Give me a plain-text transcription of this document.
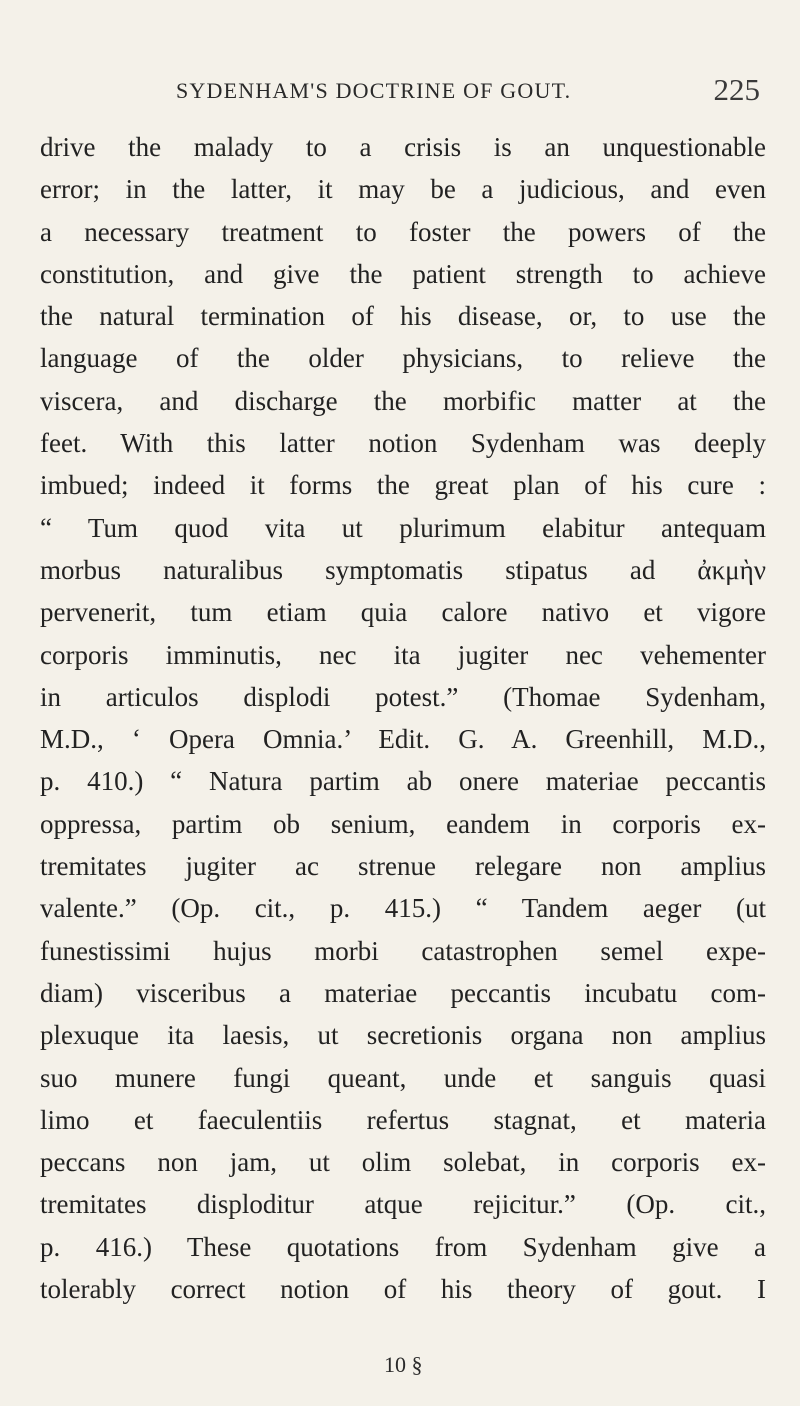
SYDENHAM'S DOCTRINE OF GOUT.	225
drive the malady to a crisis is an unquestionable
error; in the latter, it may be a judicious, and even
a necessary treatment to foster the powers of the
constitution, and give the patient strength to achieve
the natural termination of his disease, or, to use the
language of the older physicians, to relieve the
viscera, and discharge the morbific matter at the
feet. With this latter notion Sydenham was deeply
imbued; indeed it forms the great plan of his cure :
“ Tum quod vita ut plurimum elabitur antequam
morbus naturalibus symptomatis stipatus ad ἀκμὴν
pervenerit, tum etiam quia calore nativo et vigore
corporis imminutis, nec ita jugiter nec vehementer
in articulos displodi potest.” (Thomae Sydenham,
M.D., ‘ Opera Omnia.’ Edit. G. A. Greenhill, M.D.,
p. 410.) “ Natura partim ab onere materiae peccantis
oppressa, partim ob senium, eandem in corporis ex-
tremitates jugiter ac strenue relegare non amplius
valente.” (Op. cit., p. 415.) “ Tandem aeger (ut
funestissimi hujus morbi catastrophen semel expe-
diam) visceribus a materiae peccantis incubatu com-
plexuque ita laesis, ut secretionis organa non amplius
suo munere fungi queant, unde et sanguis quasi
limo et faeculentiis refertus stagnat, et materia
peccans non jam, ut olim solebat, in corporis ex-
tremitates disploditur atque rejicitur.” (Op. cit.,
p. 416.) These quotations from Sydenham give a
tolerably correct notion of his theory of gout. I
10 §
